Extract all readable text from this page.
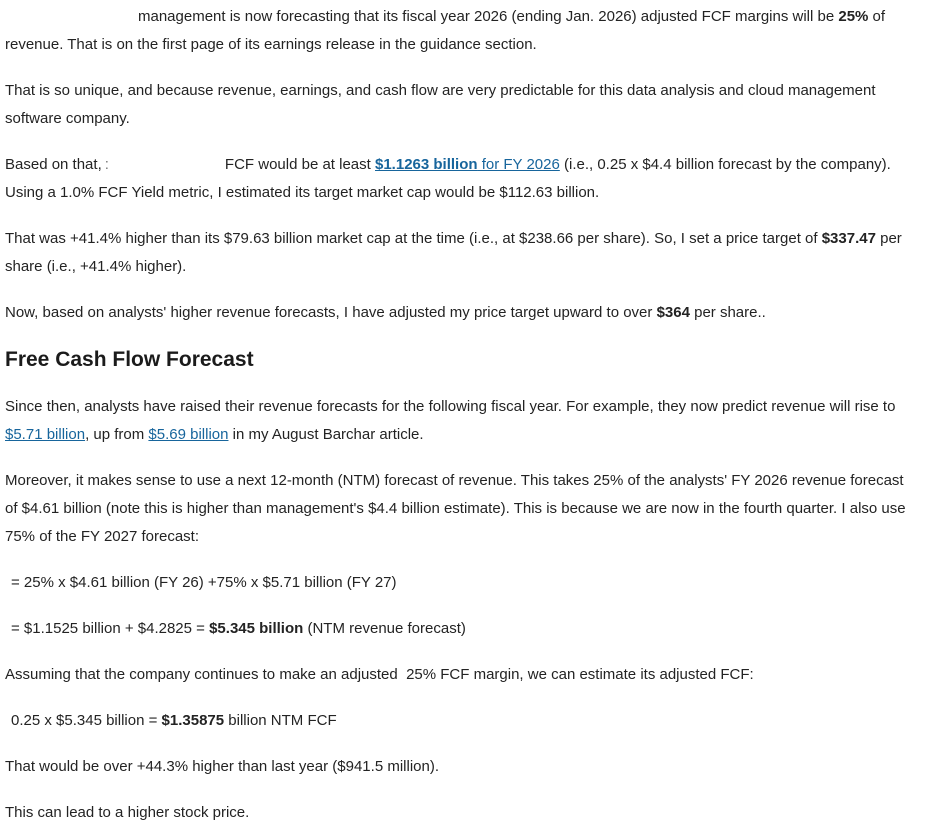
management is now forecasting that its fiscal year 2026 (ending Jan. 2026) adjusted FCF margins will be 25% of revenue. That is on the first page of its earnings release in the guidance section.

That is so unique, and because revenue, earnings, and cash flow are very predictable for this data analysis and cloud management software company.

Based on that, :	FCF would be at least $1.1263 billion for FY 2026 (i.e., 0.25 x $4.4 billion forecast by the company). Using a 1.0% FCF Yield metric, I estimated its target market cap would be $112.63 billion.

That was +41.4% higher than its $79.63 billion market cap at the time (i.e., at $238.66 per share). So, I set a price target of $337.47 per share (i.e., +41.4% higher).

Now, based on analysts' higher revenue forecasts, I have adjusted my price target upward to over $364 per share..

Free Cash Flow Forecast

Since then, analysts have raised their revenue forecasts for the following fiscal year. For example, they now predict revenue will rise to $5.71 billion, up from $5.69 billion in my August Barchar article.

Moreover, it makes sense to use a next 12-month (NTM) forecast of revenue. This takes 25% of the analysts' FY 2026 revenue forecast of $4.61 billion (note this is higher than management's $4.4 billion estimate). This is because we are now in the fourth quarter. I also use 75% of the FY 2027 forecast:

= 25% x $4.61 billion (FY 26) +75% x $5.71 billion (FY 27)

= $1.1525 billion + $4.2825 = $5.345 billion (NTM revenue forecast)

Assuming that the company continues to make an adjusted  25% FCF margin, we can estimate its adjusted FCF:

0.25 x $5.345 billion = $1.35875 billion NTM FCF

That would be over +44.3% higher than last year ($941.5 million).

This can lead to a higher stock price.
